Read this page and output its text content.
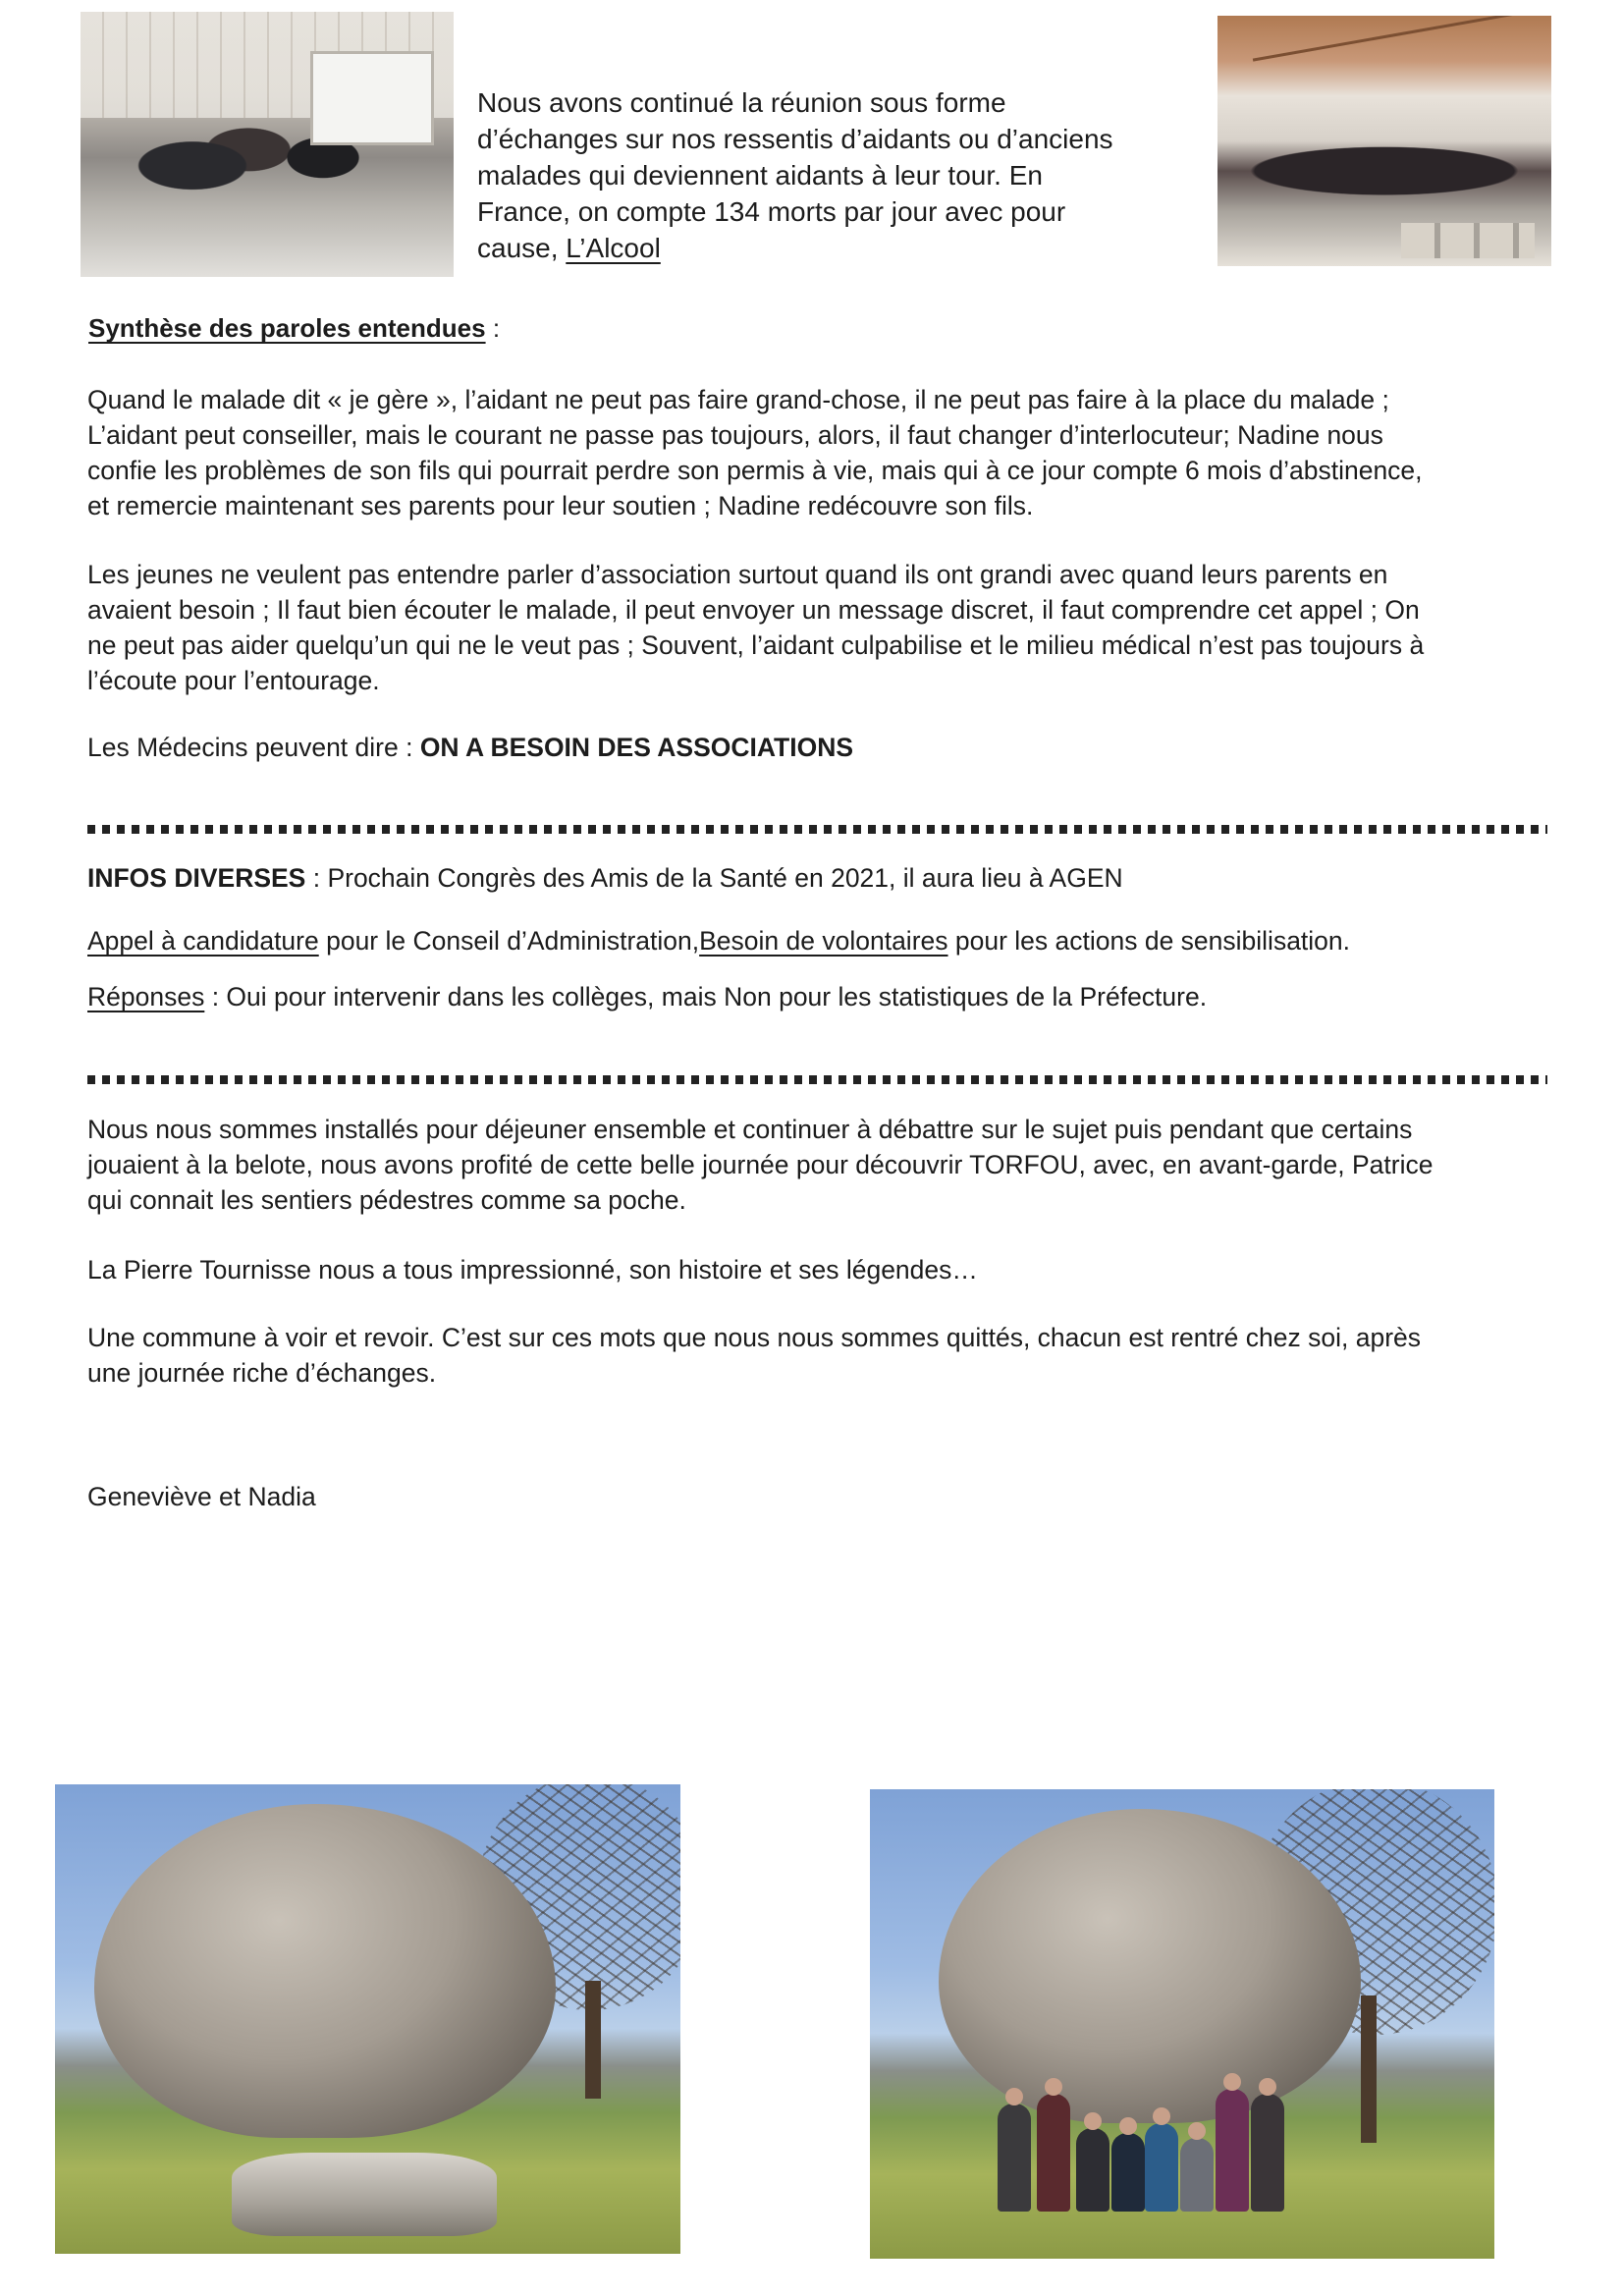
Nous avons continué la réunion sous forme

d’échanges sur nos ressentis d’aidants ou d’anciens

malades qui deviennent aidants à leur tour. En

France, on compte 134 morts par jour avec pour

cause, L’Alcool

Synthèse des paroles entendues :

Quand le malade dit « je gère », l’aidant ne peut pas faire grand-chose, il ne peut pas faire à la place du malade ;

L’aidant peut conseiller, mais le courant ne passe pas toujours, alors, il faut changer d’interlocuteur; Nadine nous

confie les problèmes de son fils qui pourrait perdre son permis à vie, mais qui à ce jour compte 6 mois d’abstinence,

et remercie maintenant ses parents pour leur soutien ; Nadine redécouvre son fils.

Les jeunes ne veulent pas entendre parler d’association surtout quand ils ont grandi avec quand leurs parents en

avaient besoin ; Il faut bien écouter le malade, il peut envoyer un message discret, il faut comprendre cet appel ; On

ne peut pas aider quelqu’un qui ne le veut pas ; Souvent, l’aidant culpabilise et le milieu médical n’est pas toujours à

l’écoute pour l’entourage.

Les Médecins peuvent dire : ON A BESOIN DES ASSOCIATIONS

INFOS DIVERSES : Prochain Congrès des Amis de la Santé en 2021, il aura lieu à AGEN

Appel à candidature pour le Conseil d’Administration,Besoin de volontaires pour les actions de sensibilisation.

Réponses : Oui pour intervenir dans les collèges, mais Non pour les statistiques de la Préfecture.

Nous nous sommes installés pour déjeuner ensemble et continuer à débattre sur le sujet puis pendant que certains

jouaient à la belote, nous avons profité de cette belle journée pour découvrir TORFOU, avec, en avant-garde, Patrice

qui connait les sentiers pédestres comme sa poche.

La Pierre Tournisse nous a tous impressionné, son histoire et ses légendes…

Une commune à voir et revoir. C’est sur ces mots que nous nous sommes quittés, chacun est rentré chez soi, après

une journée riche d’échanges.

Geneviève et Nadia
